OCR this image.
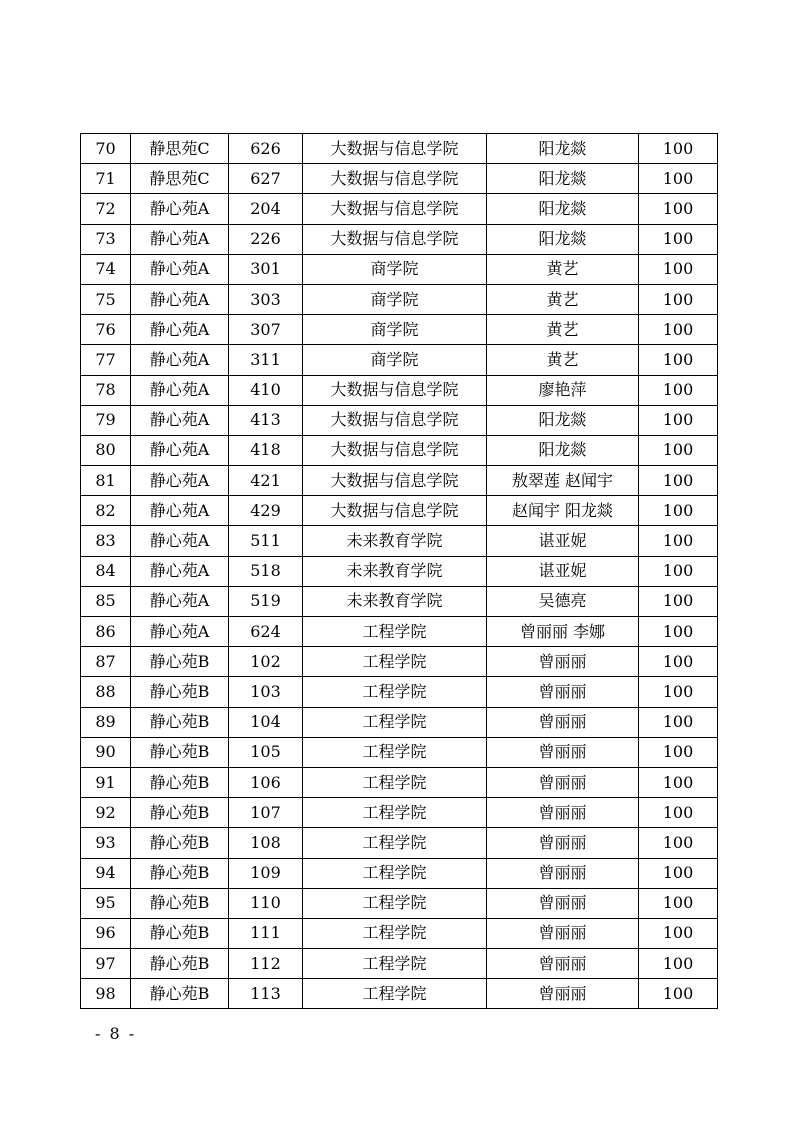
70	静思苑C	626	大数据与信息学院	阳龙燚	100
71	静思苑C	627	大数据与信息学院	阳龙燚	100
72	静心苑A	204	大数据与信息学院	阳龙燚	100
73	静心苑A	226	大数据与信息学院	阳龙燚	100
74	静心苑A	301	商学院	黄艺	100
75	静心苑A	303	商学院	黄艺	100
76	静心苑A	307	商学院	黄艺	100
77	静心苑A	311	商学院	黄艺	100
78	静心苑A	410	大数据与信息学院	廖艳萍	100
79	静心苑A	413	大数据与信息学院	阳龙燚	100
80	静心苑A	418	大数据与信息学院	阳龙燚	100
81	静心苑A	421	大数据与信息学院	敖翠莲 赵闻宇	100
82	静心苑A	429	大数据与信息学院	赵闻宇 阳龙燚	100
83	静心苑A	511	未来教育学院	谌亚妮	100
84	静心苑A	518	未来教育学院	谌亚妮	100
85	静心苑A	519	未来教育学院	吴德亮	100
86	静心苑A	624	工程学院	曾丽丽 李娜	100
87	静心苑B	102	工程学院	曾丽丽	100
88	静心苑B	103	工程学院	曾丽丽	100
89	静心苑B	104	工程学院	曾丽丽	100
90	静心苑B	105	工程学院	曾丽丽	100
91	静心苑B	106	工程学院	曾丽丽	100
92	静心苑B	107	工程学院	曾丽丽	100
93	静心苑B	108	工程学院	曾丽丽	100
94	静心苑B	109	工程学院	曾丽丽	100
95	静心苑B	110	工程学院	曾丽丽	100
96	静心苑B	111	工程学院	曾丽丽	100
97	静心苑B	112	工程学院	曾丽丽	100
98	静心苑B	113	工程学院	曾丽丽	100
- 8 -
